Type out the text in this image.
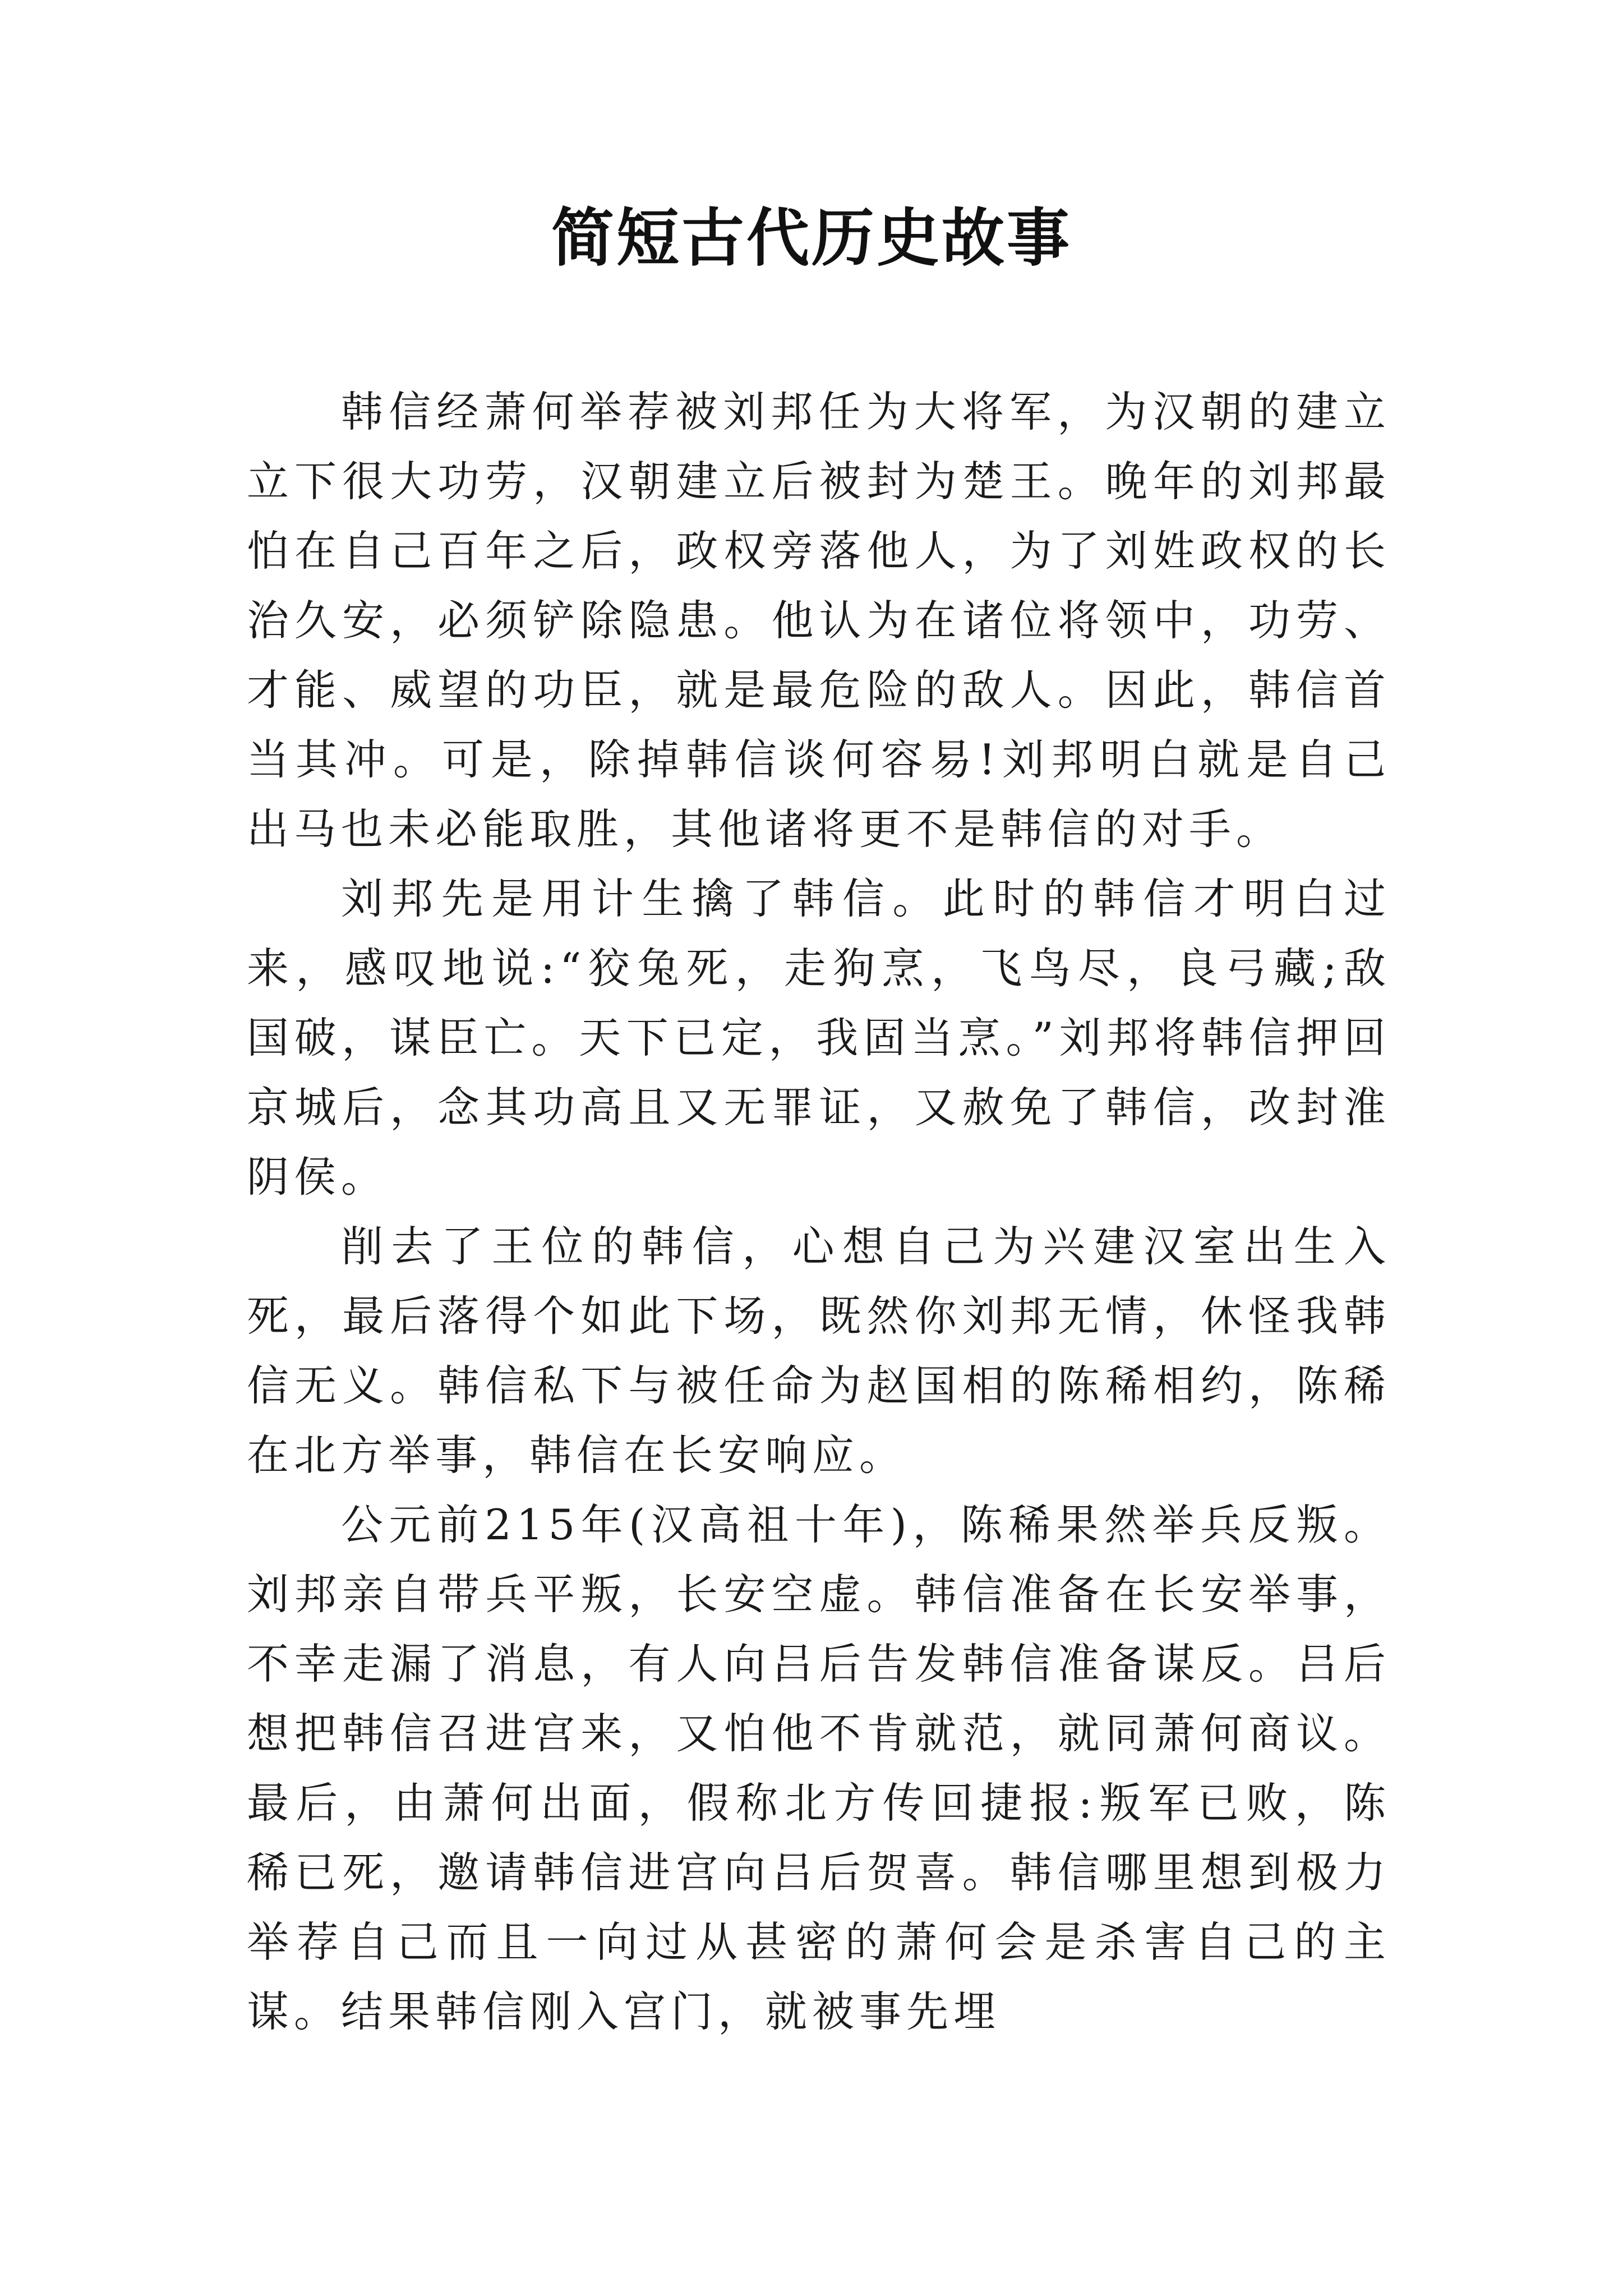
简短古代历史故事

韩信经萧何举荐被刘邦任为大将军，为汉朝的建立立下很大功劳，汉朝建立后被封为楚王。晚年的刘邦最怕在自己百年之后，政权旁落他人，为了刘姓政权的长治久安，必须铲除隐患。他认为在诸位将领中，功劳、才能、威望的功臣，就是最危险的敌人。因此，韩信首当其冲。可是，除掉韩信谈何容易!刘邦明白就是自己出马也未必能取胜，其他诸将更不是韩信的对手。

刘邦先是用计生擒了韩信。此时的韩信才明白过来，感叹地说:“狡兔死，走狗烹，飞鸟尽，良弓藏;敌国破，谋臣亡。天下已定，我固当烹。”刘邦将韩信押回京城后，念其功高且又无罪证，又赦免了韩信，改封淮阴侯。

削去了王位的韩信，心想自己为兴建汉室出生入死，最后落得个如此下场，既然你刘邦无情，休怪我韩信无义。韩信私下与被任命为赵国相的陈稀相约，陈稀在北方举事，韩信在长安响应。

公元前215年(汉高祖十年)，陈稀果然举兵反叛。刘邦亲自带兵平叛，长安空虚。韩信准备在长安举事，不幸走漏了消息，有人向吕后告发韩信准备谋反。吕后想把韩信召进宫来，又怕他不肯就范，就同萧何商议。最后，由萧何出面，假称北方传回捷报:叛军已败，陈稀已死，邀请韩信进宫向吕后贺喜。韩信哪里想到极力举荐自己而且一向过从甚密的萧何会是杀害自己的主谋。结果韩信刚入宫门，就被事先埋
